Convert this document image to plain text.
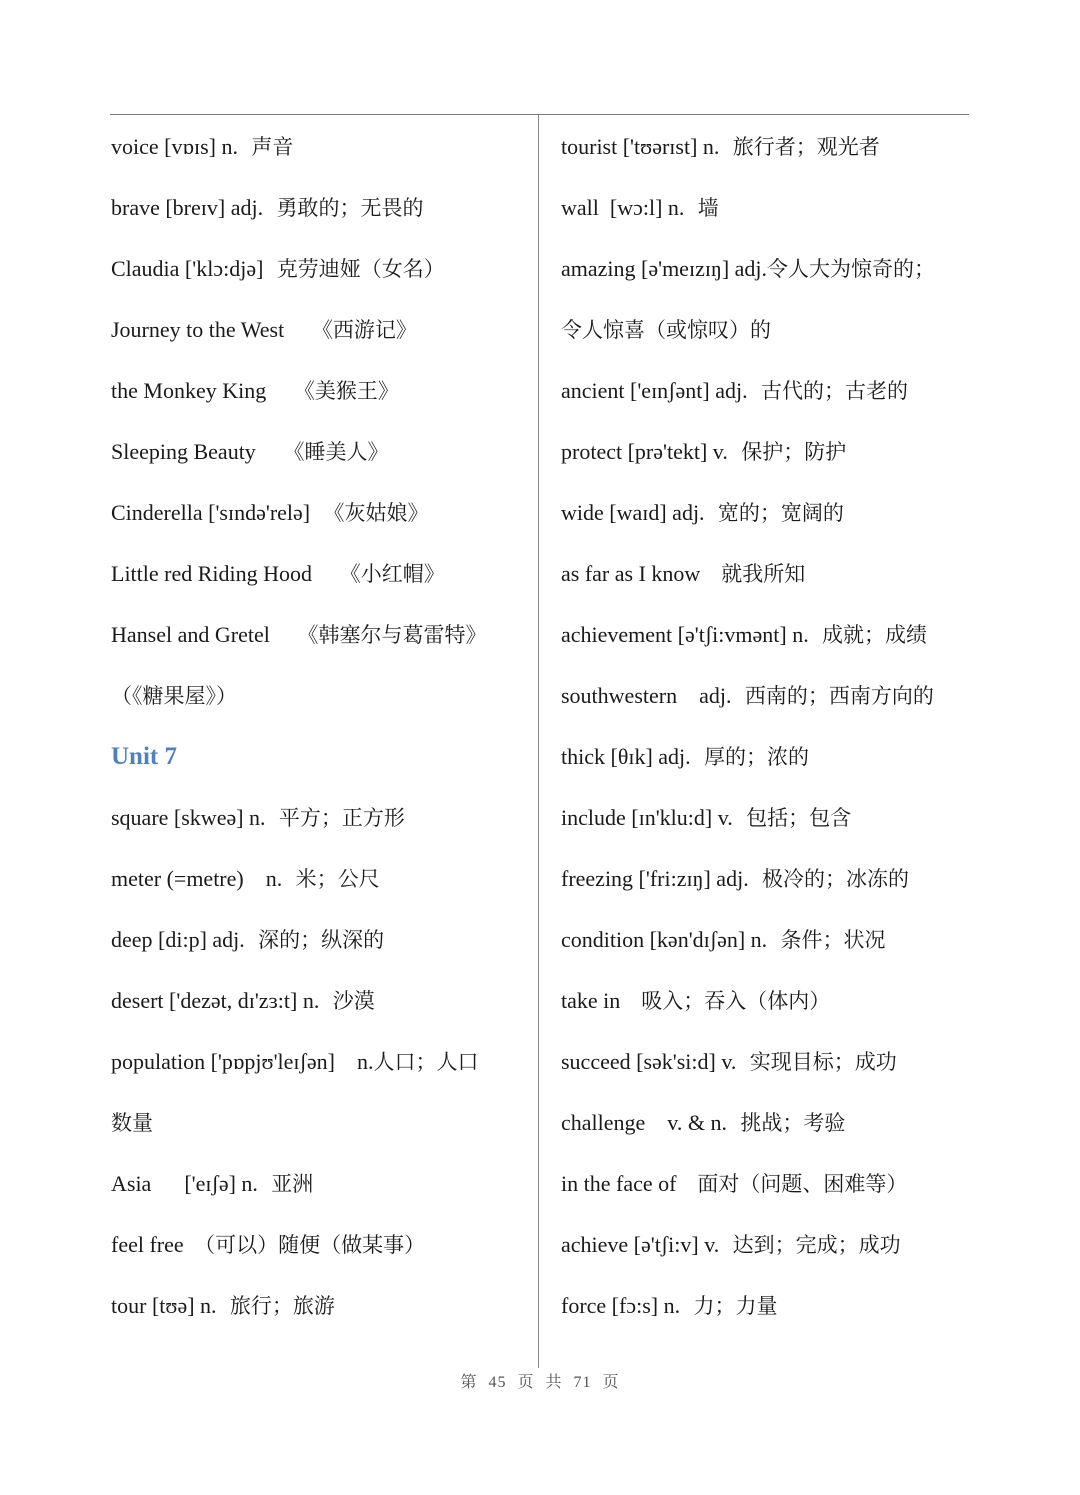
voice [vɒɪs] n.  声音
brave [breɪv] adj.  勇敢的；无畏的
Claudia ['klɔ:djə]  克劳迪娅（女名）
Journey to the West　 《西游记》
the Monkey King　 《美猴王》
Sleeping Beauty　 《睡美人》
Cinderella ['sɪndə'relə]  《灰姑娘》
Little red Riding Hood　 《小红帽》
Hansel and Gretel　 《韩塞尔与葛雷特》
（《糖果屋》）
Unit 7
square [skweə] n.  平方；正方形
meter (=metre)    n.  米；公尺
deep [di:p] adj.  深的；纵深的
desert ['dezət, dɪ'zɜ:t] n.  沙漠
population ['pɒpjʊ'leɪʃən]    n.人口；人口
数量
Asia      ['eɪʃə] n.  亚洲
feel free　（可以）随便（做某事）
tour [tʊə] n.  旅行；旅游
tourist ['tʊərɪst] n.  旅行者；观光者
wall  [wɔ:l] n.  墙
amazing [ə'meɪzɪŋ] adj.令人大为惊奇的；
令人惊喜（或惊叹）的
ancient ['eɪnʃənt] adj.  古代的；古老的
protect [prə'tekt] v.  保护；防护
wide [waɪd] adj.  宽的；宽阔的
as far as I know　就我所知
achievement [ə'tʃi:vmənt] n.  成就；成绩
southwestern    adj.  西南的；西南方向的
thick [θɪk] adj.  厚的；浓的
include [ɪn'klu:d] v.  包括；包含
freezing ['fri:zɪŋ] adj.  极冷的；冰冻的
condition [kən'dɪʃən] n.  条件；状况
take in　吸入；吞入（体内）
succeed [sək'si:d] v.  实现目标；成功
challenge    v. & n.  挑战；考验
in the face of　面对（问题、困难等）
achieve [ə'tʃi:v] v.  达到；完成；成功
force [fɔ:s] n.  力；力量
第 45 页 共 71 页
